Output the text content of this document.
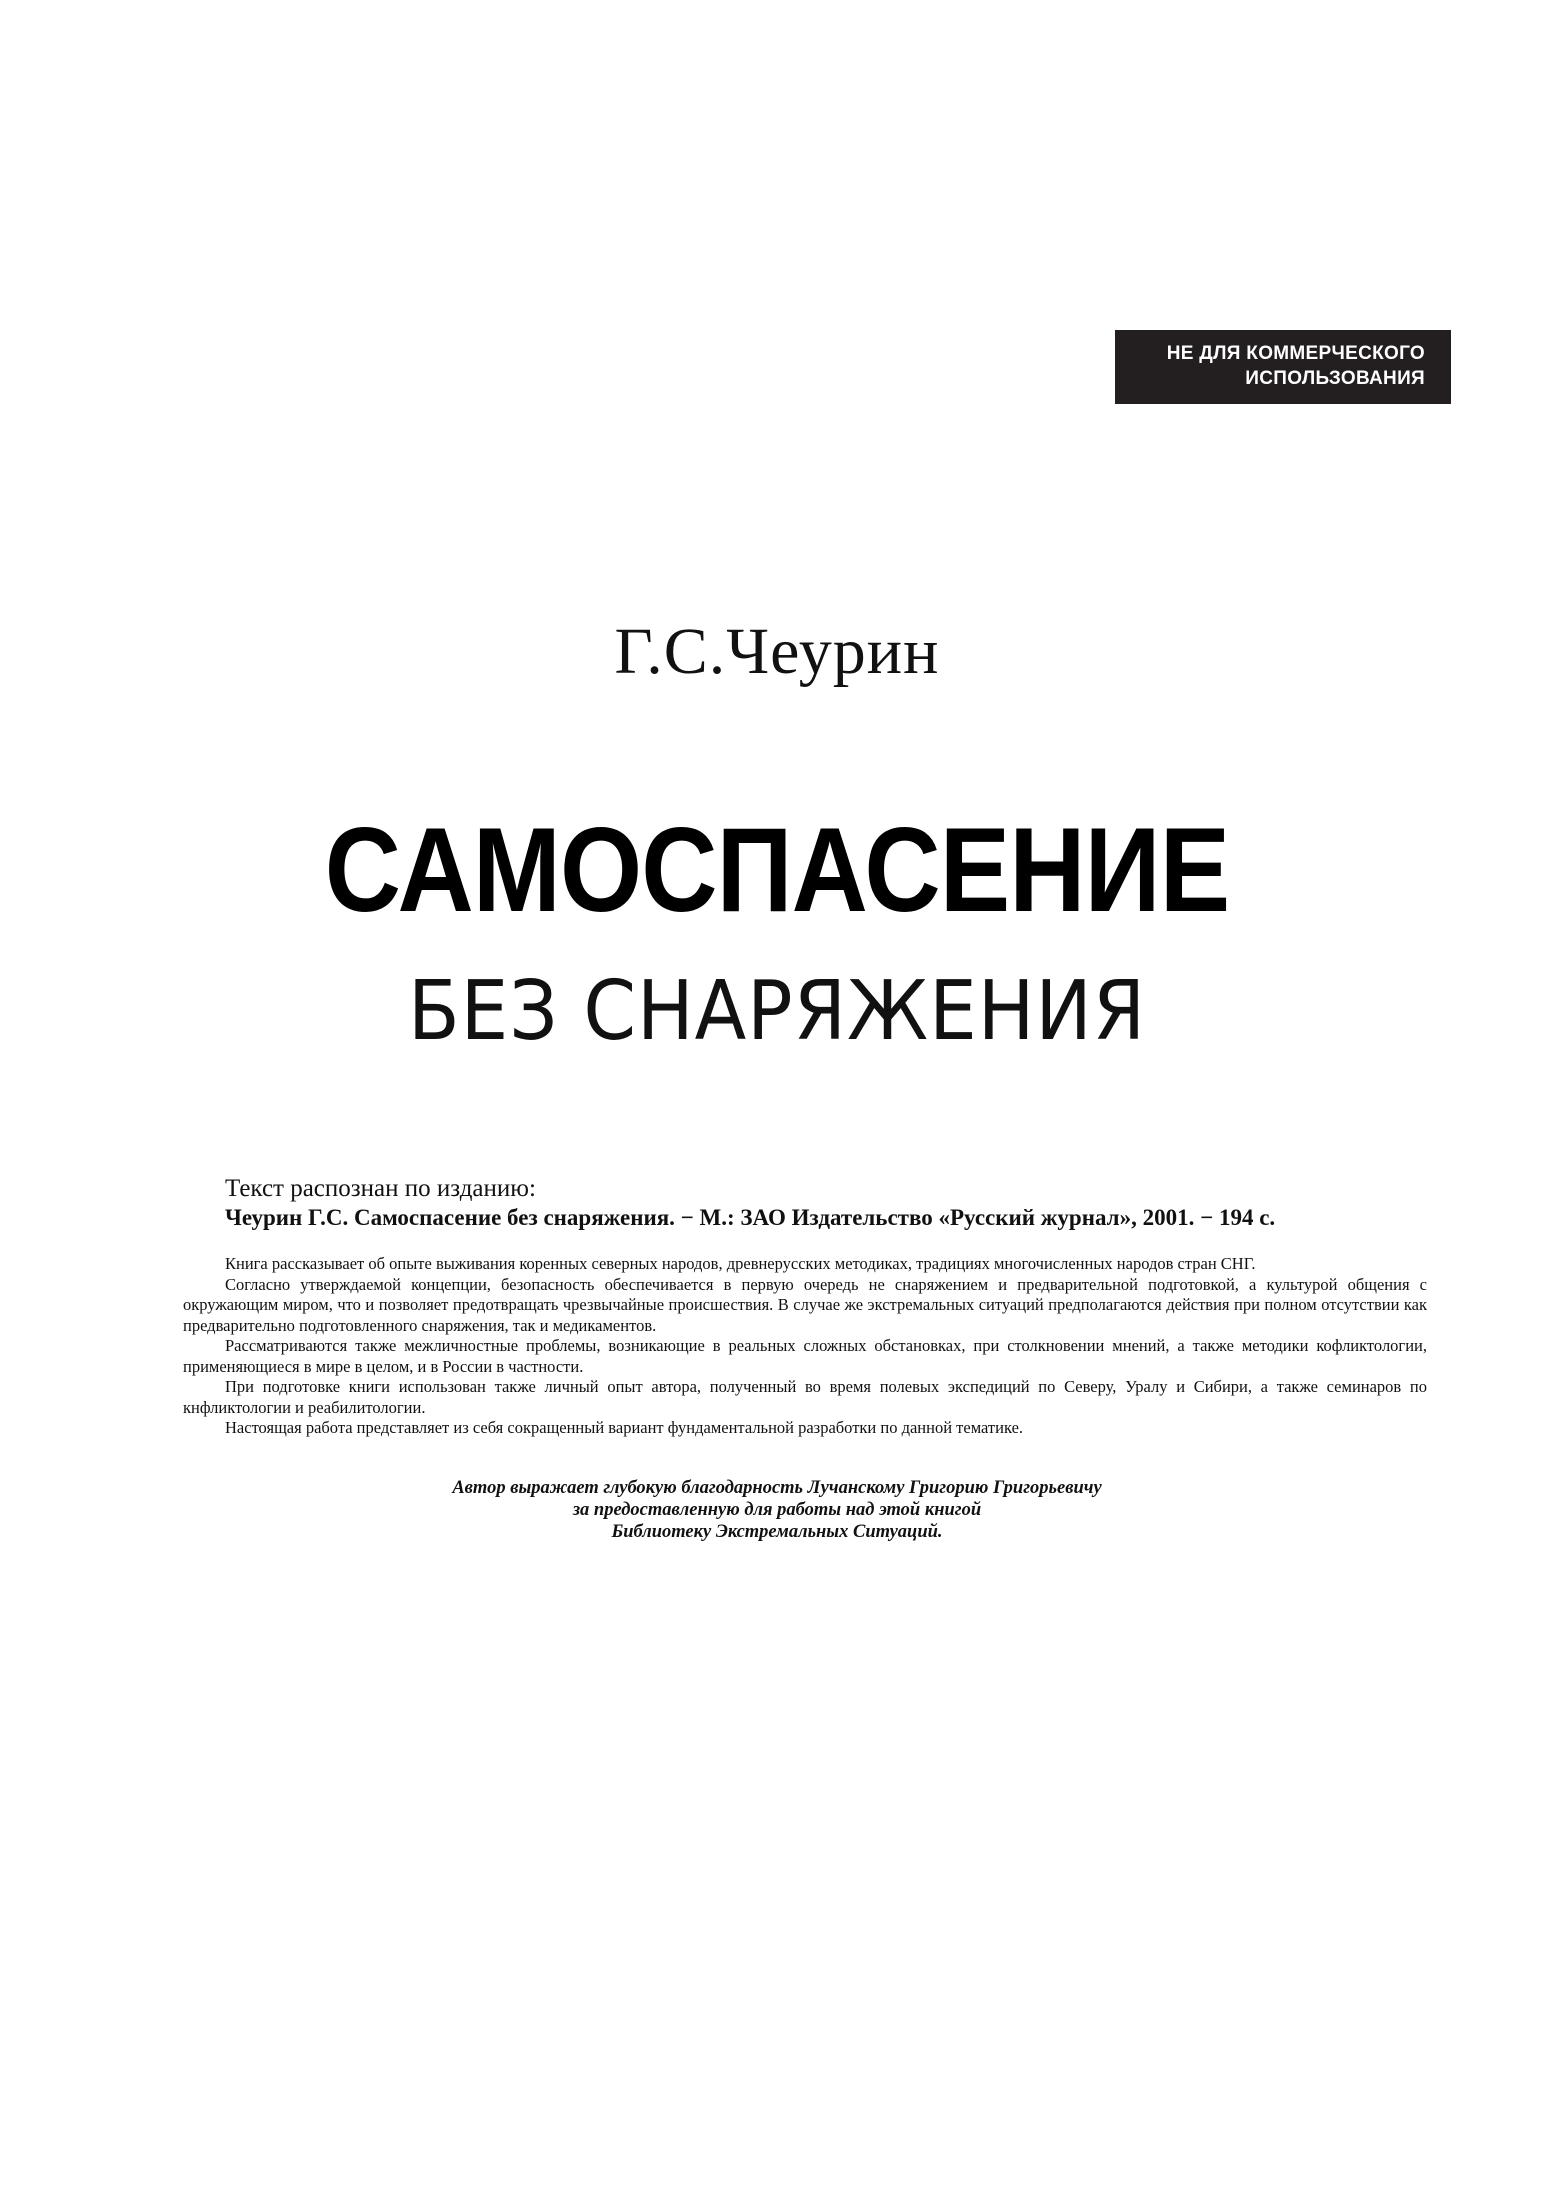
НЕ ДЛЯ КОММЕРЧЕСКОГО
ИСПОЛЬЗОВАНИЯ
Г.С.Чеурин
САМОСПАСЕНИЕ
БЕЗ СНАРЯЖЕНИЯ
Текст распознан по изданию:
Чеурин Г.С. Самоспасение без снаряжения. − М.: ЗАО Издательство «Русский журнал», 2001. − 194 с.

Книга рассказывает об опыте выживания коренных северных народов, древнерусских методиках, традициях многочисленных народов стран СНГ.

Согласно утверждаемой концепции, безопасность обеспечивается в первую очередь не снаряжением и предварительной подготовкой, а культурой общения с окружающим миром, что и позволяет предотвращать чрезвычайные происшествия. В случае же экстремальных ситуаций предполагаются действия при полном отсутствии как предварительно подготовленного снаряжения, так и медикаментов.

Рассматриваются также межличностные проблемы, возникающие в реальных сложных обстановках, при столкновении мнений, а также методики кофликтологии, применяющиеся в мире в целом, и в России в частности.

При подготовке книги использован также личный опыт автора, полученный во время полевых экспедиций по Северу, Уралу и Сибири, а также семинаров по кнфликтологии и реабилитологии.

Настоящая работа представляет из себя сокращенный вариант фундаментальной разработки по данной тематике.

Автор выражает глубокую благодарность Лучанскому Григорию Григорьевичу
за предоставленную для работы над этой книгой
Библиотеку Экстремальных Ситуаций.
